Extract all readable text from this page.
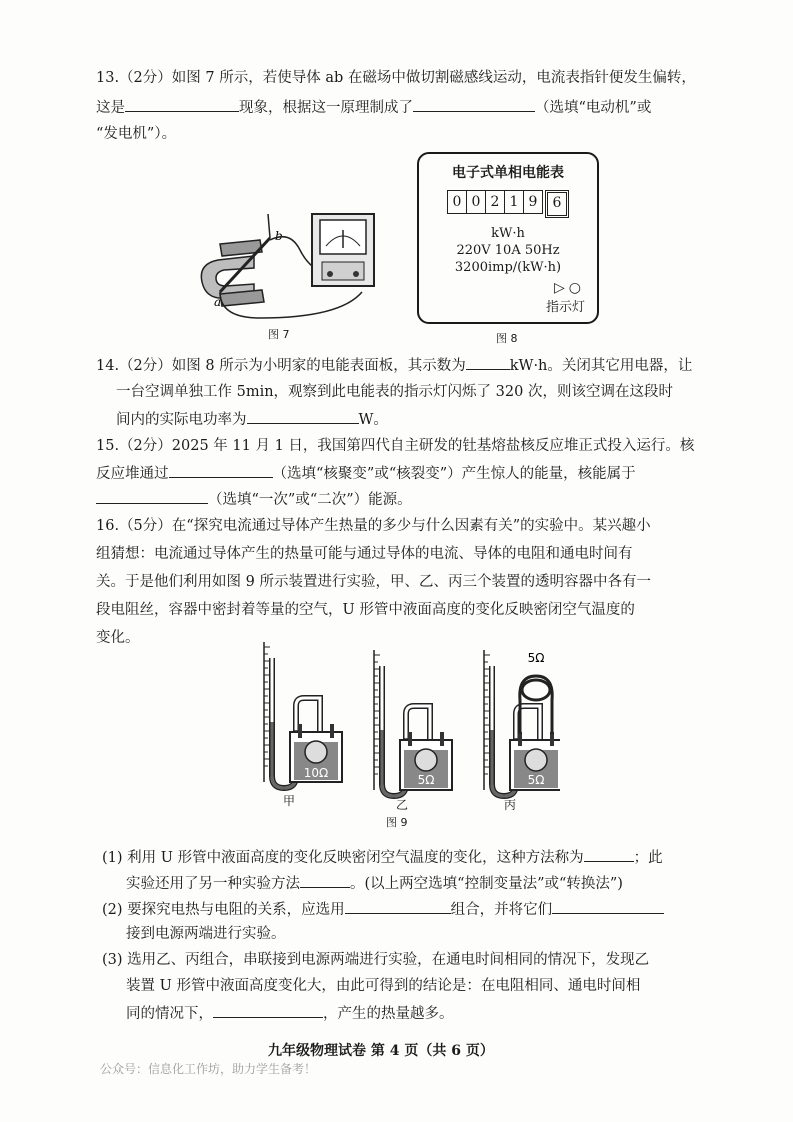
13.（2分）如图 7 所示，若使导体 ab 在磁场中做切割磁感线运动，电流表指针便发生偏转，
这是	现象，根据这一原理制成了	（选填“电动机”或
“发电机”）。
b
a
图 7
电子式单相电能表
0 0 2 1 9	6
kW·h
220V 10A 50Hz
3200imp/(kW·h)
▷○
指示灯
图 8
14.（2分）如图 8 所示为小明家的电能表面板，其示数为	kW·h。关闭其它用电器，让
一台空调单独工作 5min，观察到此电能表的指示灯闪烁了 320 次，则该空调在这段时
间内的实际电功率为	W。
15.（2分）2025 年 11 月 1 日，我国第四代自主研发的钍基熔盐核反应堆正式投入运行。核
反应堆通过	（选填“核聚变”或“核裂变”）产生惊人的能量，核能属于
（选填“一次”或“二次”）能源。
16.（5分）在“探究电流通过导体产生热量的多少与什么因素有关”的实验中。某兴趣小
组猜想：电流通过导体产生的热量可能与通过导体的电流、导体的电阻和通电时间有
关。于是他们利用如图 9 所示装置进行实验，甲、乙、丙三个装置的透明容器中各有一
段电阻丝，容器中密封着等量的空气，U 形管中液面高度的变化反映密闭空气温度的
变化。
10Ω	5Ω	5Ω
5Ω
甲	乙	丙
图 9
(1) 利用 U 形管中液面高度的变化反映密闭空气温度的变化，这种方法称为	；此
实验还用了另一种实验方法	。(以上两空选填“控制变量法”或“转换法”)
(2) 要探究电热与电阻的关系，应选用	组合，并将它们
接到电源两端进行实验。
(3) 选用乙、丙组合，串联接到电源两端进行实验，在通电时间相同的情况下，发现乙
装置 U 形管中液面高度变化大，由此可得到的结论是：在电阻相同、通电时间相
同的情况下，	，产生的热量越多。
九年级物理试卷 第 4 页（共 6 页）
公众号：信息化工作坊，助力学生备考！
